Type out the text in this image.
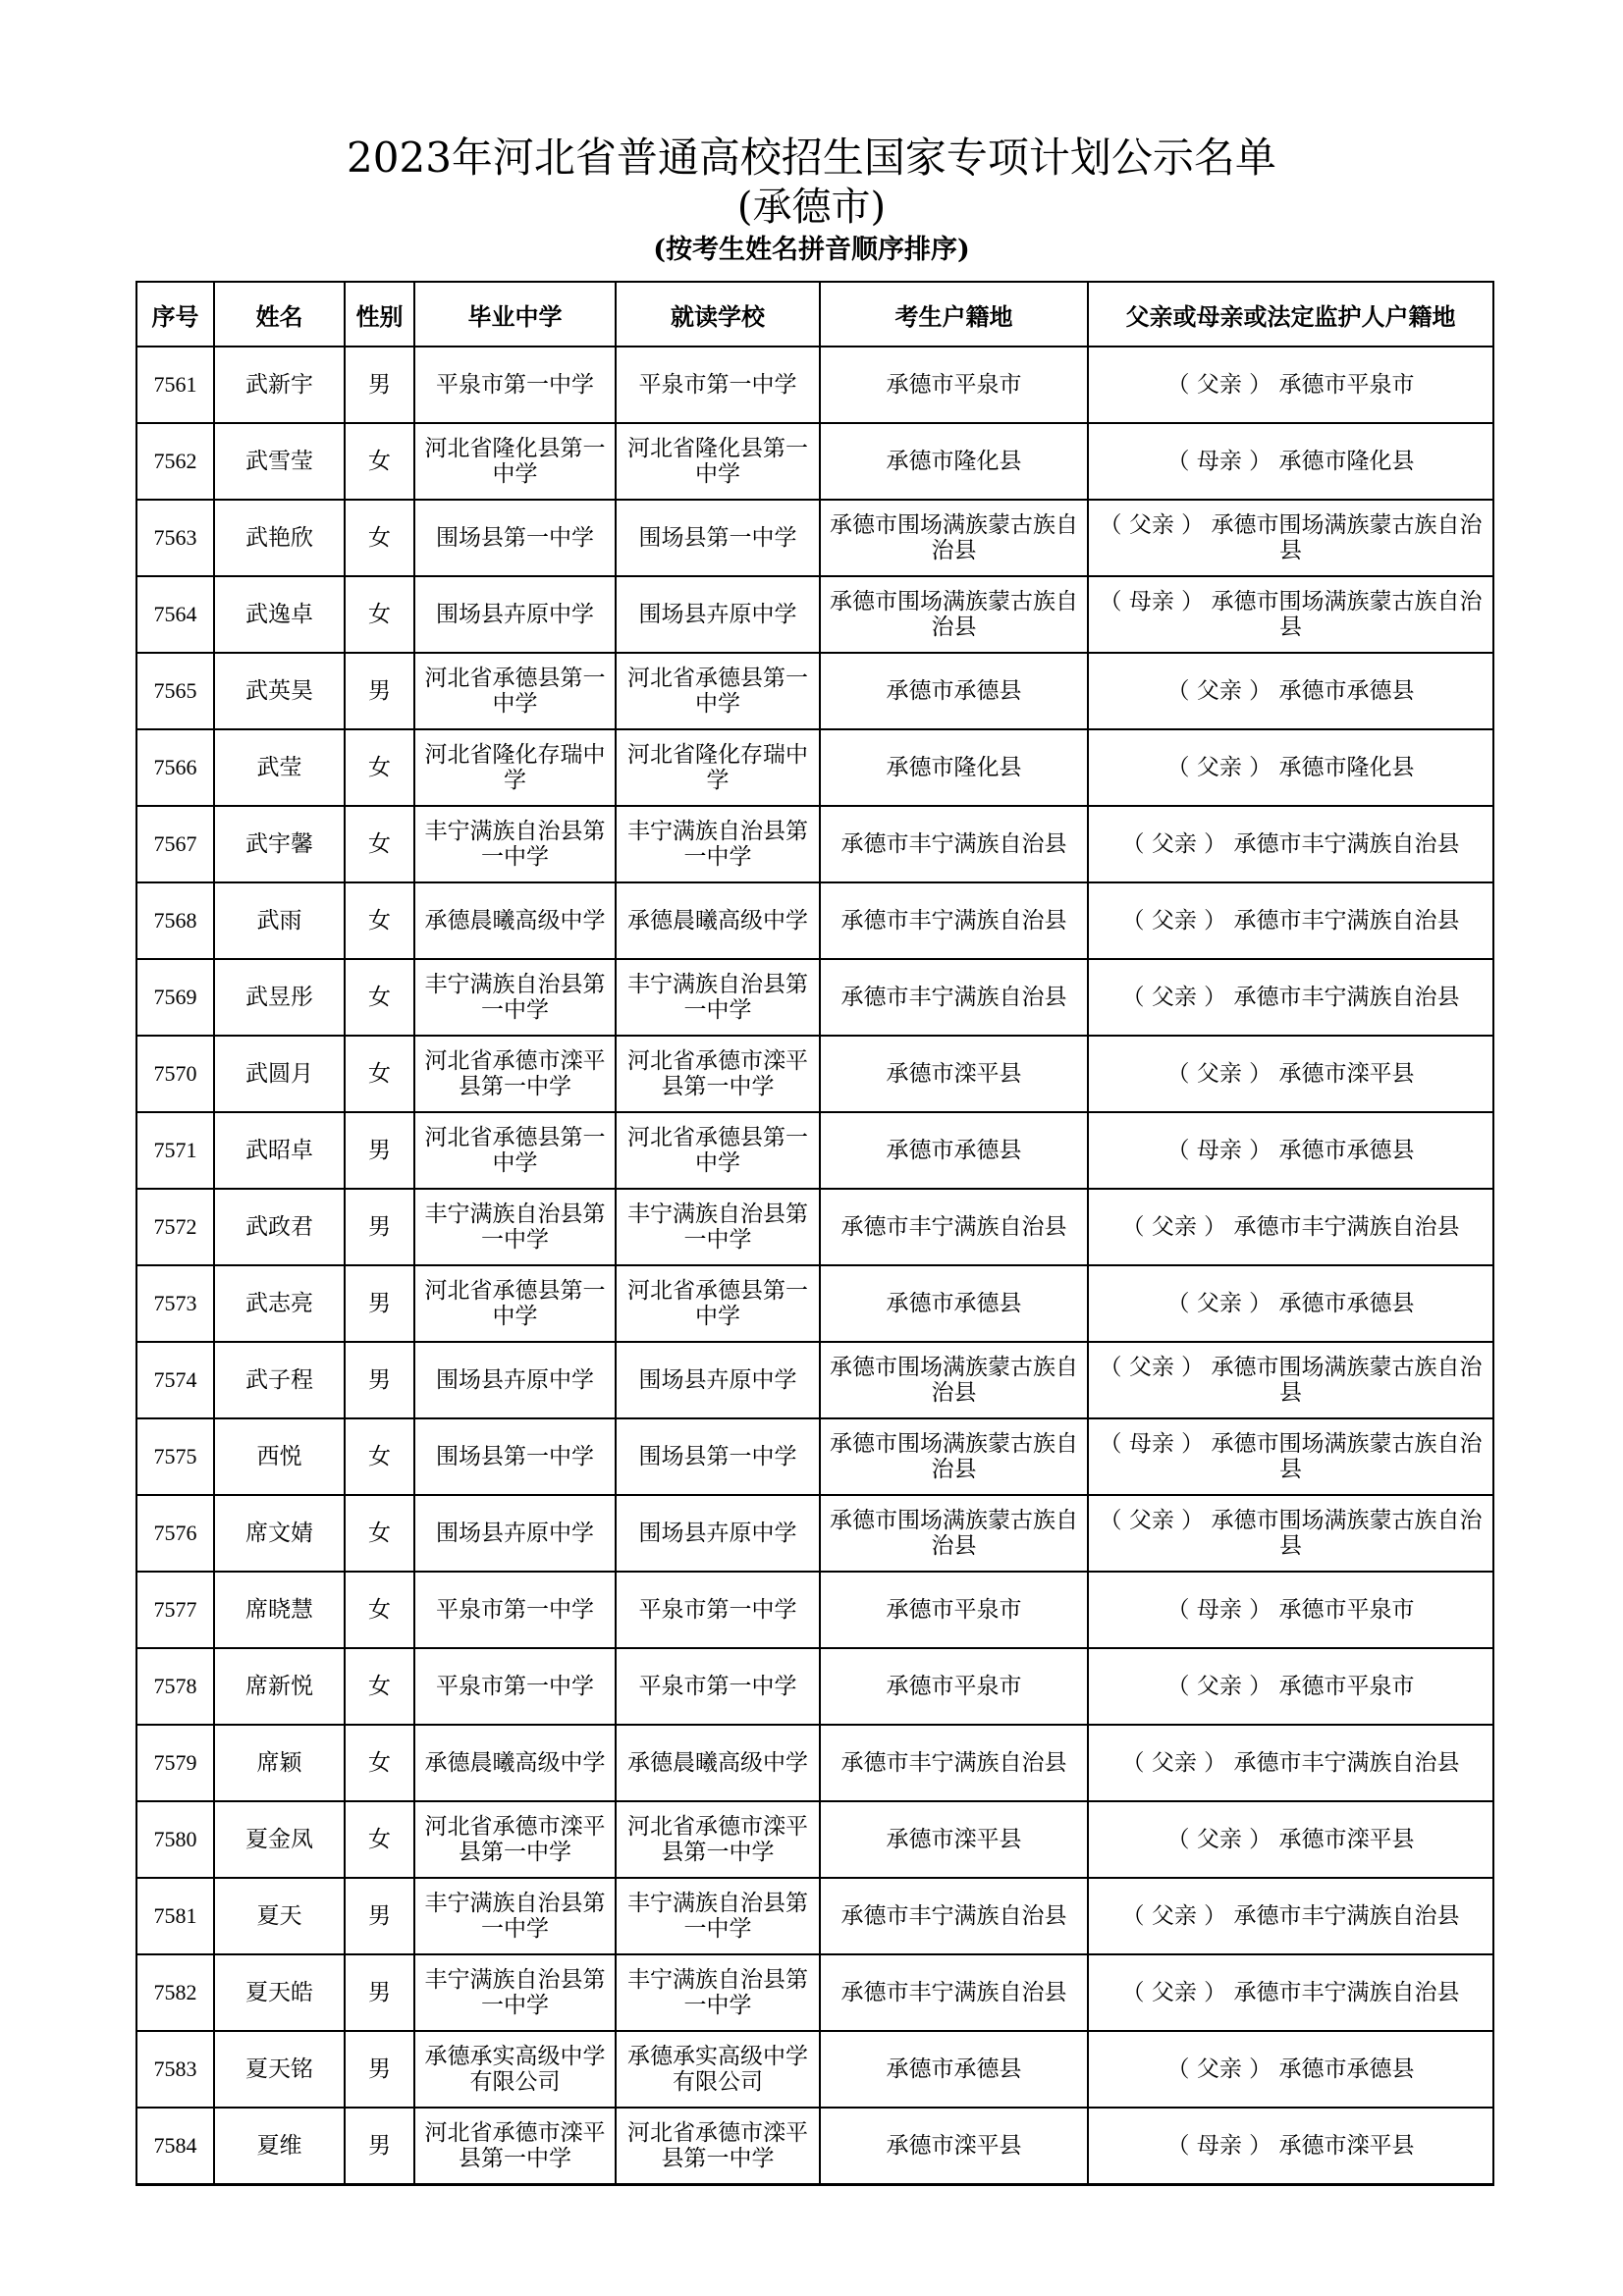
2023年河北省普通高校招生国家专项计划公示名单
(承德市)
(按考生姓名拼音顺序排序)
序号	姓名	性别	毕业中学	就读学校	考生户籍地	父亲或母亲或法定监护人户籍地
7561	武新宇	男	平泉市第一中学	平泉市第一中学	承德市平泉市	（ 父亲 ） 承德市平泉市
7562	武雪莹	女	河北省隆化县第一中学	河北省隆化县第一中学	承德市隆化县	（ 母亲 ） 承德市隆化县
7563	武艳欣	女	围场县第一中学	围场县第一中学	承德市围场满族蒙古族自治县	（ 父亲 ） 承德市围场满族蒙古族自治县
7564	武逸卓	女	围场县卉原中学	围场县卉原中学	承德市围场满族蒙古族自治县	（ 母亲 ） 承德市围场满族蒙古族自治县
7565	武英昊	男	河北省承德县第一中学	河北省承德县第一中学	承德市承德县	（ 父亲 ） 承德市承德县
7566	武莹	女	河北省隆化存瑞中学	河北省隆化存瑞中学	承德市隆化县	（ 父亲 ） 承德市隆化县
7567	武宇馨	女	丰宁满族自治县第一中学	丰宁满族自治县第一中学	承德市丰宁满族自治县	（ 父亲 ） 承德市丰宁满族自治县
7568	武雨	女	承德晨曦高级中学	承德晨曦高级中学	承德市丰宁满族自治县	（ 父亲 ） 承德市丰宁满族自治县
7569	武昱彤	女	丰宁满族自治县第一中学	丰宁满族自治县第一中学	承德市丰宁满族自治县	（ 父亲 ） 承德市丰宁满族自治县
7570	武圆月	女	河北省承德市滦平县第一中学	河北省承德市滦平县第一中学	承德市滦平县	（ 父亲 ） 承德市滦平县
7571	武昭卓	男	河北省承德县第一中学	河北省承德县第一中学	承德市承德县	（ 母亲 ） 承德市承德县
7572	武政君	男	丰宁满族自治县第一中学	丰宁满族自治县第一中学	承德市丰宁满族自治县	（ 父亲 ） 承德市丰宁满族自治县
7573	武志亮	男	河北省承德县第一中学	河北省承德县第一中学	承德市承德县	（ 父亲 ） 承德市承德县
7574	武子程	男	围场县卉原中学	围场县卉原中学	承德市围场满族蒙古族自治县	（ 父亲 ） 承德市围场满族蒙古族自治县
7575	西悦	女	围场县第一中学	围场县第一中学	承德市围场满族蒙古族自治县	（ 母亲 ） 承德市围场满族蒙古族自治县
7576	席文婧	女	围场县卉原中学	围场县卉原中学	承德市围场满族蒙古族自治县	（ 父亲 ） 承德市围场满族蒙古族自治县
7577	席晓慧	女	平泉市第一中学	平泉市第一中学	承德市平泉市	（ 母亲 ） 承德市平泉市
7578	席新悦	女	平泉市第一中学	平泉市第一中学	承德市平泉市	（ 父亲 ） 承德市平泉市
7579	席颖	女	承德晨曦高级中学	承德晨曦高级中学	承德市丰宁满族自治县	（ 父亲 ） 承德市丰宁满族自治县
7580	夏金凤	女	河北省承德市滦平县第一中学	河北省承德市滦平县第一中学	承德市滦平县	（ 父亲 ） 承德市滦平县
7581	夏天	男	丰宁满族自治县第一中学	丰宁满族自治县第一中学	承德市丰宁满族自治县	（ 父亲 ） 承德市丰宁满族自治县
7582	夏天皓	男	丰宁满族自治县第一中学	丰宁满族自治县第一中学	承德市丰宁满族自治县	（ 父亲 ） 承德市丰宁满族自治县
7583	夏天铭	男	承德承实高级中学有限公司	承德承实高级中学有限公司	承德市承德县	（ 父亲 ） 承德市承德县
7584	夏维	男	河北省承德市滦平县第一中学	河北省承德市滦平县第一中学	承德市滦平县	（ 母亲 ） 承德市滦平县
